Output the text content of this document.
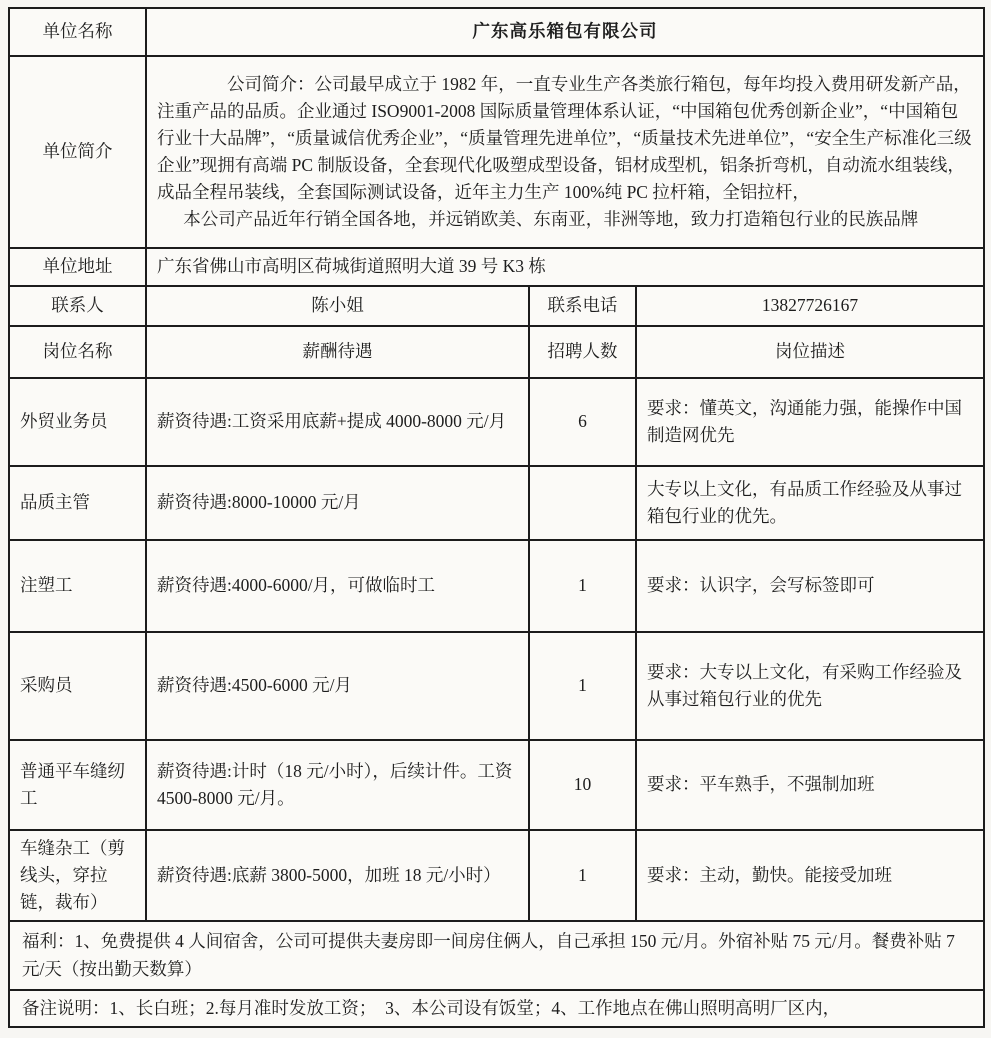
单位名称	广东高乐箱包有限公司		
单位简介	公司简介：公司最早成立于 1982 年，一直专业生产各类旅行箱包，每年均投入费用研发新产品，注重产品的品质。企业通过 ISO9001-2008 国际质量管理体系认证，“中国箱包优秀创新企业”，“中国箱包行业十大品牌”，“质量诚信优秀企业”，“质量管理先进单位”，“质量技术先进单位”，“安全生产标准化三级企业”现拥有高端 PC 制版设备，全套现代化吸塑成型设备，铝材成型机，铝条折弯机，自动流水组装线，成品全程吊装线，全套国际测试设备，近年主力生产 100%纯 PC 拉杆箱，全铝拉杆，

本公司产品近年行销全国各地，并远销欧美、东南亚，非洲等地，致力打造箱包行业的民族品牌		

单位地址	广东省佛山市高明区荷城街道照明大道 39 号 K3 栋		
联系人	陈小姐	联系电话	13827726167
岗位名称	薪酬待遇	招聘人数	岗位描述
外贸业务员	薪资待遇:工资采用底薪+提成 4000-8000 元/月	6	要求：懂英文，沟通能力强，能操作中国制造网优先
品质主管	薪资待遇:8000-10000 元/月		大专以上文化，有品质工作经验及从事过箱包行业的优先。
注塑工	薪资待遇:4000-6000/月，可做临时工	1	要求：认识字，会写标签即可
采购员	薪资待遇:4500-6000 元/月	1	要求：大专以上文化，有采购工作经验及从事过箱包行业的优先
普通平车缝纫工	薪资待遇:计时（18 元/小时），后续计件。工资 4500-8000 元/月。	10	要求：平车熟手，不强制加班
车缝杂工（剪线头，穿拉链，裁布）	薪资待遇:底薪 3800-5000，加班 18 元/小时）	1	要求：主动，勤快。能接受加班
福利：1、免费提供 4 人间宿舍，公司可提供夫妻房即一间房住俩人，自己承担 150 元/月。外宿补贴 75 元/月。餐费补贴 7 元/天（按出勤天数算）			
备注说明：1、长白班；2.每月准时发放工资；　3、本公司设有饭堂；4、工作地点在佛山照明高明厂区内，			
